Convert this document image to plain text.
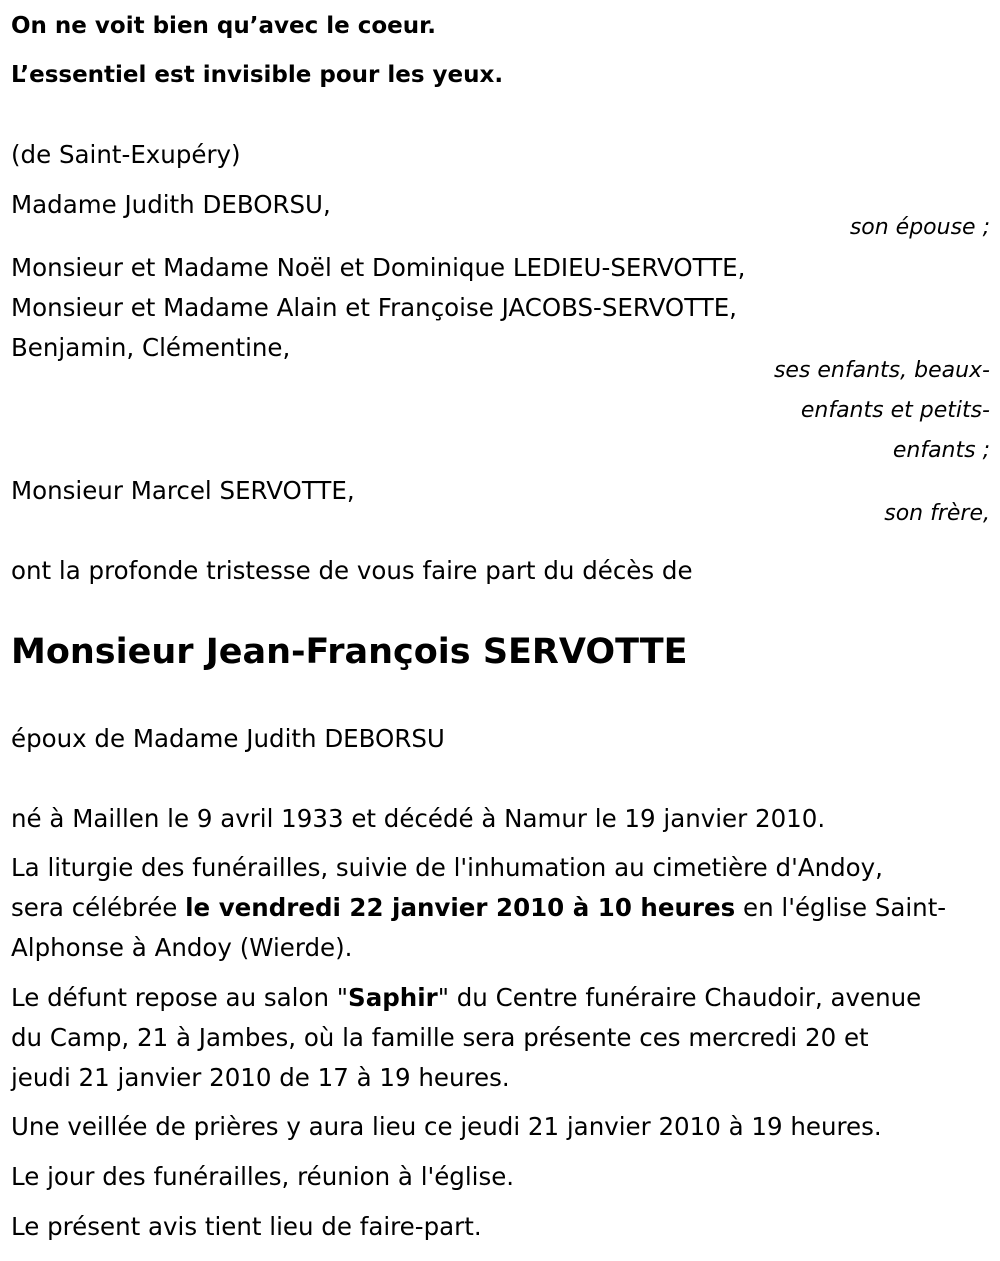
On ne voit bien qu’avec le coeur.
L’essentiel est invisible pour les yeux.
(de Saint-Exupéry)
Madame Judith DEBORSU,
son épouse ;
Monsieur et Madame Noël et Dominique LEDIEU-SERVOTTE,
Monsieur et Madame Alain et Françoise JACOBS-SERVOTTE,
Benjamin, Clémentine,
ses enfants, beaux-
enfants et petits-
enfants ;
Monsieur Marcel SERVOTTE,
son frère,
ont la profonde tristesse de vous faire part du décès de
Monsieur Jean-François SERVOTTE
époux de Madame Judith DEBORSU
né à Maillen le 9 avril 1933 et décédé à Namur le 19 janvier 2010.
La liturgie des funérailles, suivie de l'inhumation au cimetière d'Andoy,
sera célébrée le vendredi 22 janvier 2010 à 10 heures en l'église Saint-
Alphonse à Andoy (Wierde).
Le défunt repose au salon "Saphir" du Centre funéraire Chaudoir, avenue
du Camp, 21 à Jambes, où la famille sera présente ces mercredi 20 et
jeudi 21 janvier 2010 de 17 à 19 heures.
Une veillée de prières y aura lieu ce jeudi 21 janvier 2010 à 19 heures.
Le jour des funérailles, réunion à l'église.
Le présent avis tient lieu de faire-part.
